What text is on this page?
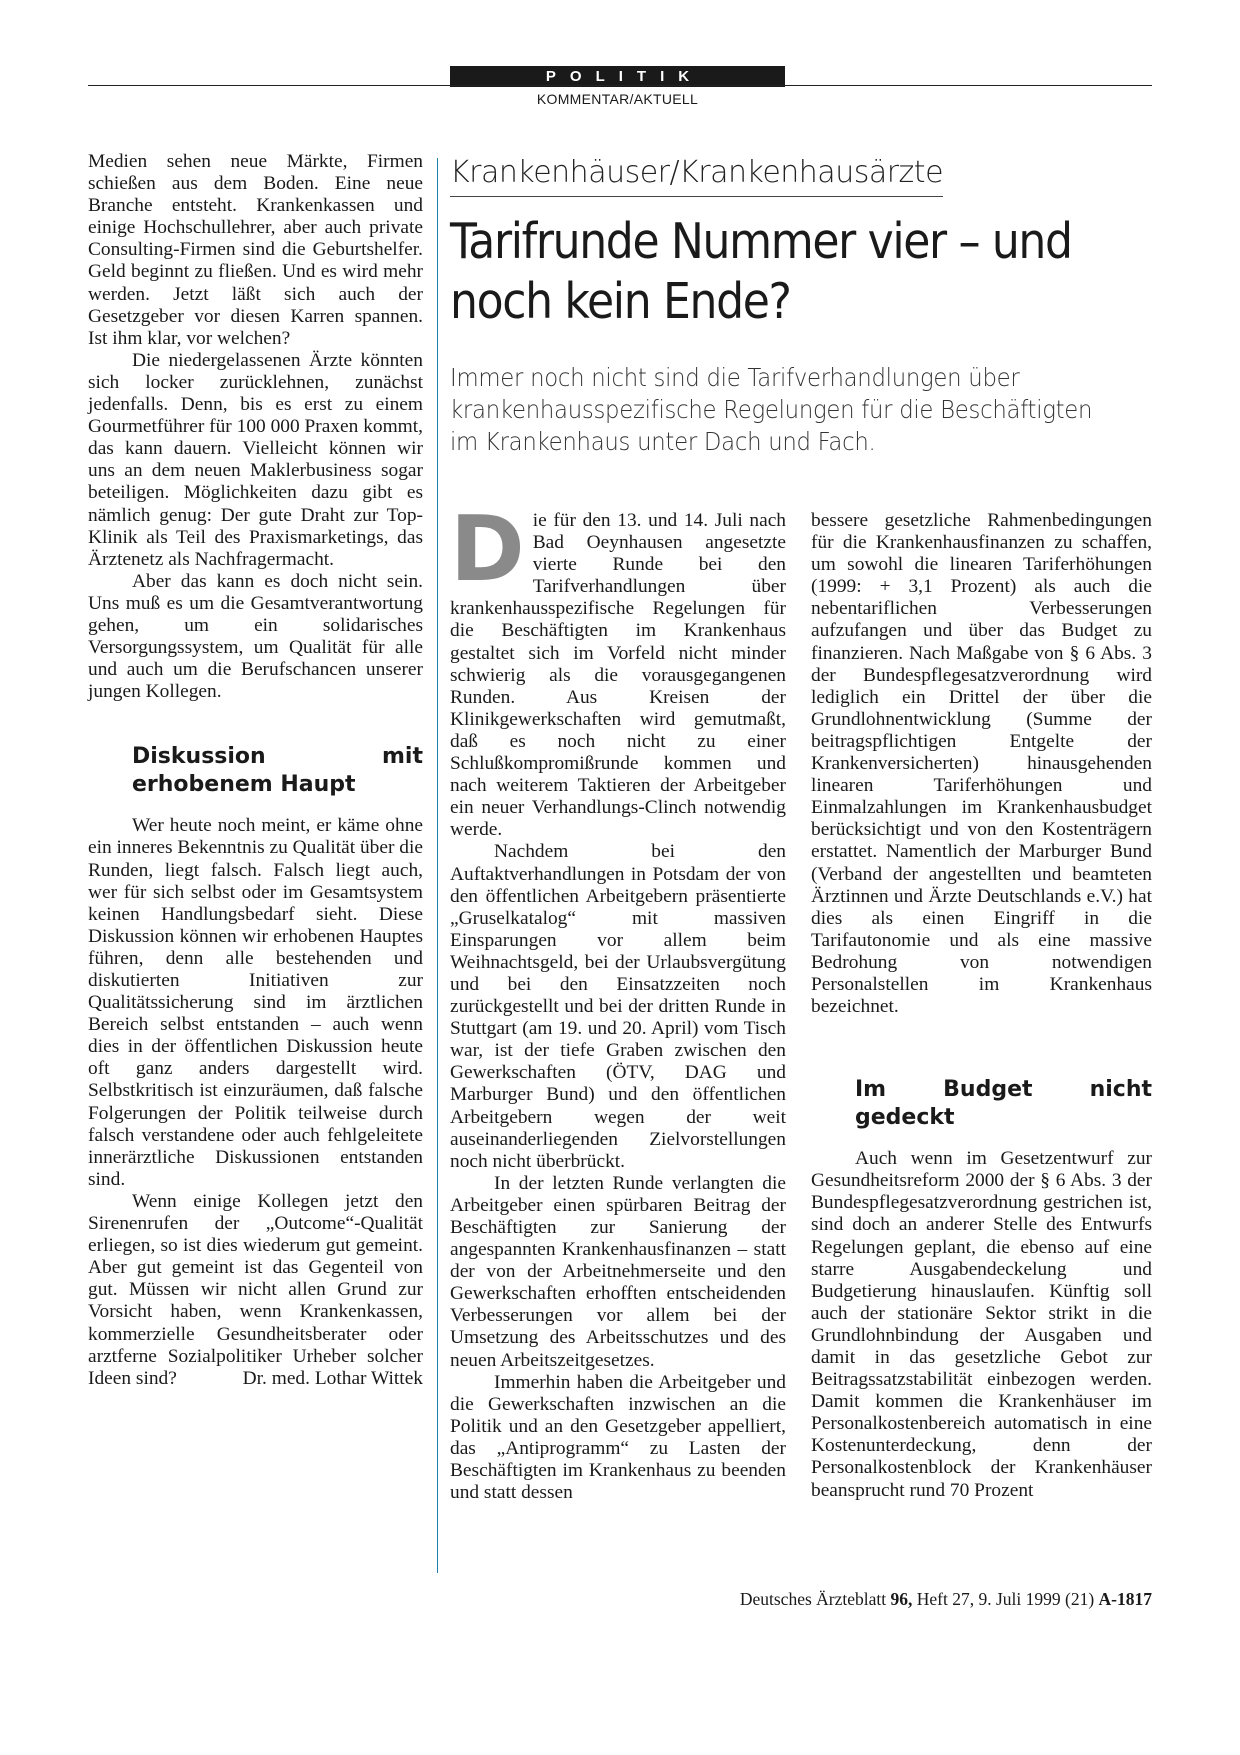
POLITIK
KOMMENTAR/AKTUELL

Medien sehen neue Märkte, Firmen schießen aus dem Boden. Eine neue Branche entsteht. Krankenkassen und einige Hochschullehrer, aber auch private Consulting-Firmen sind die Geburtshelfer. Geld beginnt zu fließen. Und es wird mehr werden. Jetzt läßt sich auch der Gesetzgeber vor diesen Karren spannen. Ist ihm klar, vor welchen?

Die niedergelassenen Ärzte könnten sich locker zurücklehnen, zunächst jedenfalls. Denn, bis es erst zu einem Gourmetführer für 100 000 Praxen kommt, das kann dauern. Vielleicht können wir uns an dem neuen Maklerbusiness sogar beteiligen. Möglichkeiten dazu gibt es nämlich genug: Der gute Draht zur Top-Klinik als Teil des Praxismarketings, das Ärztenetz als Nachfragermacht.

Aber das kann es doch nicht sein. Uns muß es um die Gesamtverantwortung gehen, um ein solidarisches Versorgungssystem, um Qualität für alle und auch um die Berufschancen unserer jungen Kollegen.

Diskussion mit erhobenem Haupt

Wer heute noch meint, er käme ohne ein inneres Bekenntnis zu Qualität über die Runden, liegt falsch. Falsch liegt auch, wer für sich selbst oder im Gesamtsystem keinen Handlungsbedarf sieht. Diese Diskussion können wir erhobenen Hauptes führen, denn alle bestehenden und diskutierten Initiativen zur Qualitätssicherung sind im ärztlichen Bereich selbst entstanden – auch wenn dies in der öffentlichen Diskussion heute oft ganz anders dargestellt wird. Selbstkritisch ist einzuräumen, daß falsche Folgerungen der Politik teilweise durch falsch verstandene oder auch fehlgeleitete innerärztliche Diskussionen entstanden sind.

Wenn einige Kollegen jetzt den Sirenenrufen der „Outcome“-Qualität erliegen, so ist dies wiederum gut gemeint. Aber gut gemeint ist das Gegenteil von gut. Müssen wir nicht allen Grund zur Vorsicht haben, wenn Krankenkassen, kommerzielle Gesundheitsberater oder arztferne Sozialpolitiker Urheber solcher Ideen sind?	Dr. med. Lothar Wittek

Krankenhäuser/Krankenhausärzte
Tarifrunde Nummer vier – und noch kein Ende?
Immer noch nicht sind die Tarifverhandlungen über krankenhausspezifische Regelungen für die Beschäftigten im Krankenhaus unter Dach und Fach.

Die für den 13. und 14. Juli nach Bad Oeynhausen angesetzte vierte Runde bei den Tarifverhandlungen über krankenhausspezifische Regelungen für die Beschäftigten im Krankenhaus gestaltet sich im Vorfeld nicht minder schwierig als die vorausgegangenen Runden. Aus Kreisen der Klinikgewerkschaften wird gemutmaßt, daß es noch nicht zu einer Schlußkompromißrunde kommen und nach weiterem Taktieren der Arbeitgeber ein neuer Verhandlungs-Clinch notwendig werde.

Nachdem bei den Auftaktverhandlungen in Potsdam der von den öffentlichen Arbeitgebern präsentierte „Gruselkatalog“ mit massiven Einsparungen vor allem beim Weihnachtsgeld, bei der Urlaubsvergütung und bei den Einsatzzeiten noch zurückgestellt und bei der dritten Runde in Stuttgart (am 19. und 20. April) vom Tisch war, ist der tiefe Graben zwischen den Gewerkschaften (ÖTV, DAG und Marburger Bund) und den öffentlichen Arbeitgebern wegen der weit auseinanderliegenden Zielvorstellungen noch nicht überbrückt.

In der letzten Runde verlangten die Arbeitgeber einen spürbaren Beitrag der Beschäftigten zur Sanierung der angespannten Krankenhausfinanzen – statt der von der Arbeitnehmerseite und den Gewerkschaften erhofften entscheidenden Verbesserungen vor allem bei der Umsetzung des Arbeitsschutzes und des neuen Arbeitszeitgesetzes.

Immerhin haben die Arbeitgeber und die Gewerkschaften inzwischen an die Politik und an den Gesetzgeber appelliert, das „Antiprogramm“ zu Lasten der Beschäftigten im Krankenhaus zu beenden und statt dessen

bessere gesetzliche Rahmenbedingungen für die Krankenhausfinanzen zu schaffen, um sowohl die linearen Tariferhöhungen (1999: + 3,1 Prozent) als auch die nebentariflichen Verbesserungen aufzufangen und über das Budget zu finanzieren. Nach Maßgabe von § 6 Abs. 3 der Bundespflegesatzverordnung wird lediglich ein Drittel der über die Grundlohnentwicklung (Summe der beitragspflichtigen Entgelte der Krankenversicherten) hinausgehenden linearen Tariferhöhungen und Einmalzahlungen im Krankenhausbudget berücksichtigt und von den Kostenträgern erstattet. Namentlich der Marburger Bund (Verband der angestellten und beamteten Ärztinnen und Ärzte Deutschlands e.V.) hat dies als einen Eingriff in die Tarifautonomie und als eine massive Bedrohung von notwendigen Personalstellen im Krankenhaus bezeichnet.

Im Budget nicht gedeckt

Auch wenn im Gesetzentwurf zur Gesundheitsreform 2000 der § 6 Abs. 3 der Bundespflegesatzverordnung gestrichen ist, sind doch an anderer Stelle des Entwurfs Regelungen geplant, die ebenso auf eine starre Ausgabendeckelung und Budgetierung hinauslaufen. Künftig soll auch der stationäre Sektor strikt in die Grundlohnbindung der Ausgaben und damit in das gesetzliche Gebot zur Beitragssatzstabilität einbezogen werden. Damit kommen die Krankenhäuser im Personalkostenbereich automatisch in eine Kostenunterdeckung, denn der Personalkostenblock der Krankenhäuser beansprucht rund 70 Prozent

Deutsches Ärzteblatt 96, Heft 27, 9. Juli 1999 (21) A-1817
